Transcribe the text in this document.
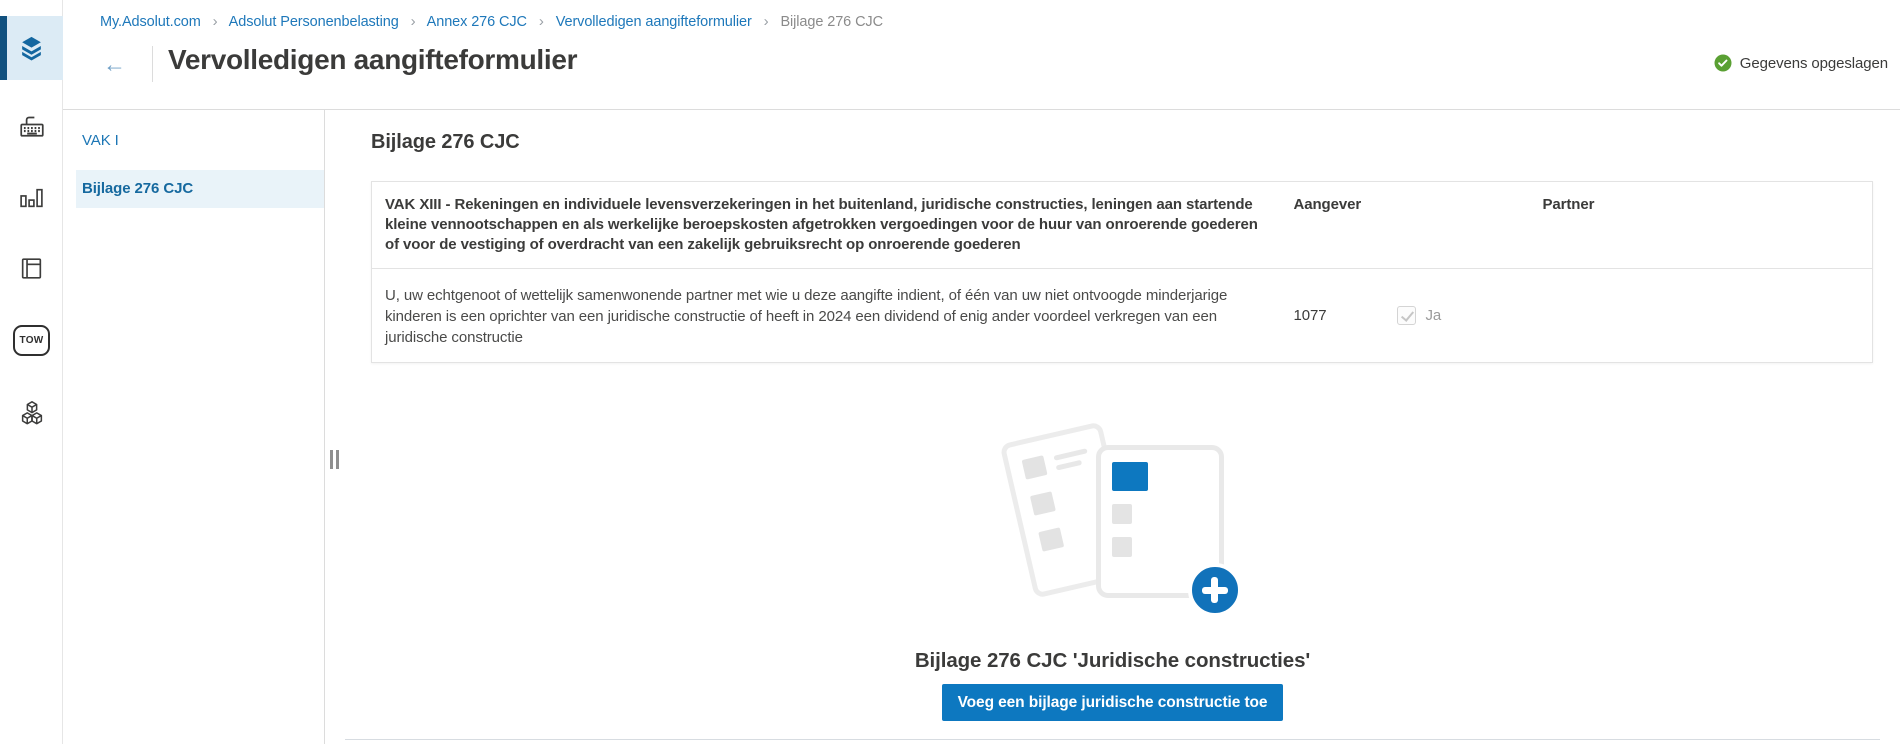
TOW
My.Adsolut.com › Adsolut Personenbelasting › Annex 276 CJC › Vervolledigen aangifteformulier › Bijlage 276 CJC
← Vervolledigen aangifteformulier	Gegevens opgeslagen
VAK I
Bijlage 276 CJC
Bijlage 276 CJC
VAK XIII - Rekeningen en individuele levensverzekeringen in het buitenland, juridische constructies, leningen aan startende kleine vennootschappen en als werkelijke beroepskosten afgetrokken vergoedingen voor de huur van onroerende goederen of voor de vestiging of overdracht van een zakelijk gebruiksrecht op onroerende goederen	Aangever	Partner
U, uw echtgenoot of wettelijk samenwonende partner met wie u deze aangifte indient, of één van uw niet ontvoogde minderjarige kinderen is een oprichter van een juridische constructie of heeft in 2024 een dividend of enig ander voordeel verkregen van een juridische constructie	1077 Ja	

Bijlage 276 CJC 'Juridische constructies'
Voeg een bijlage juridische constructie toe
